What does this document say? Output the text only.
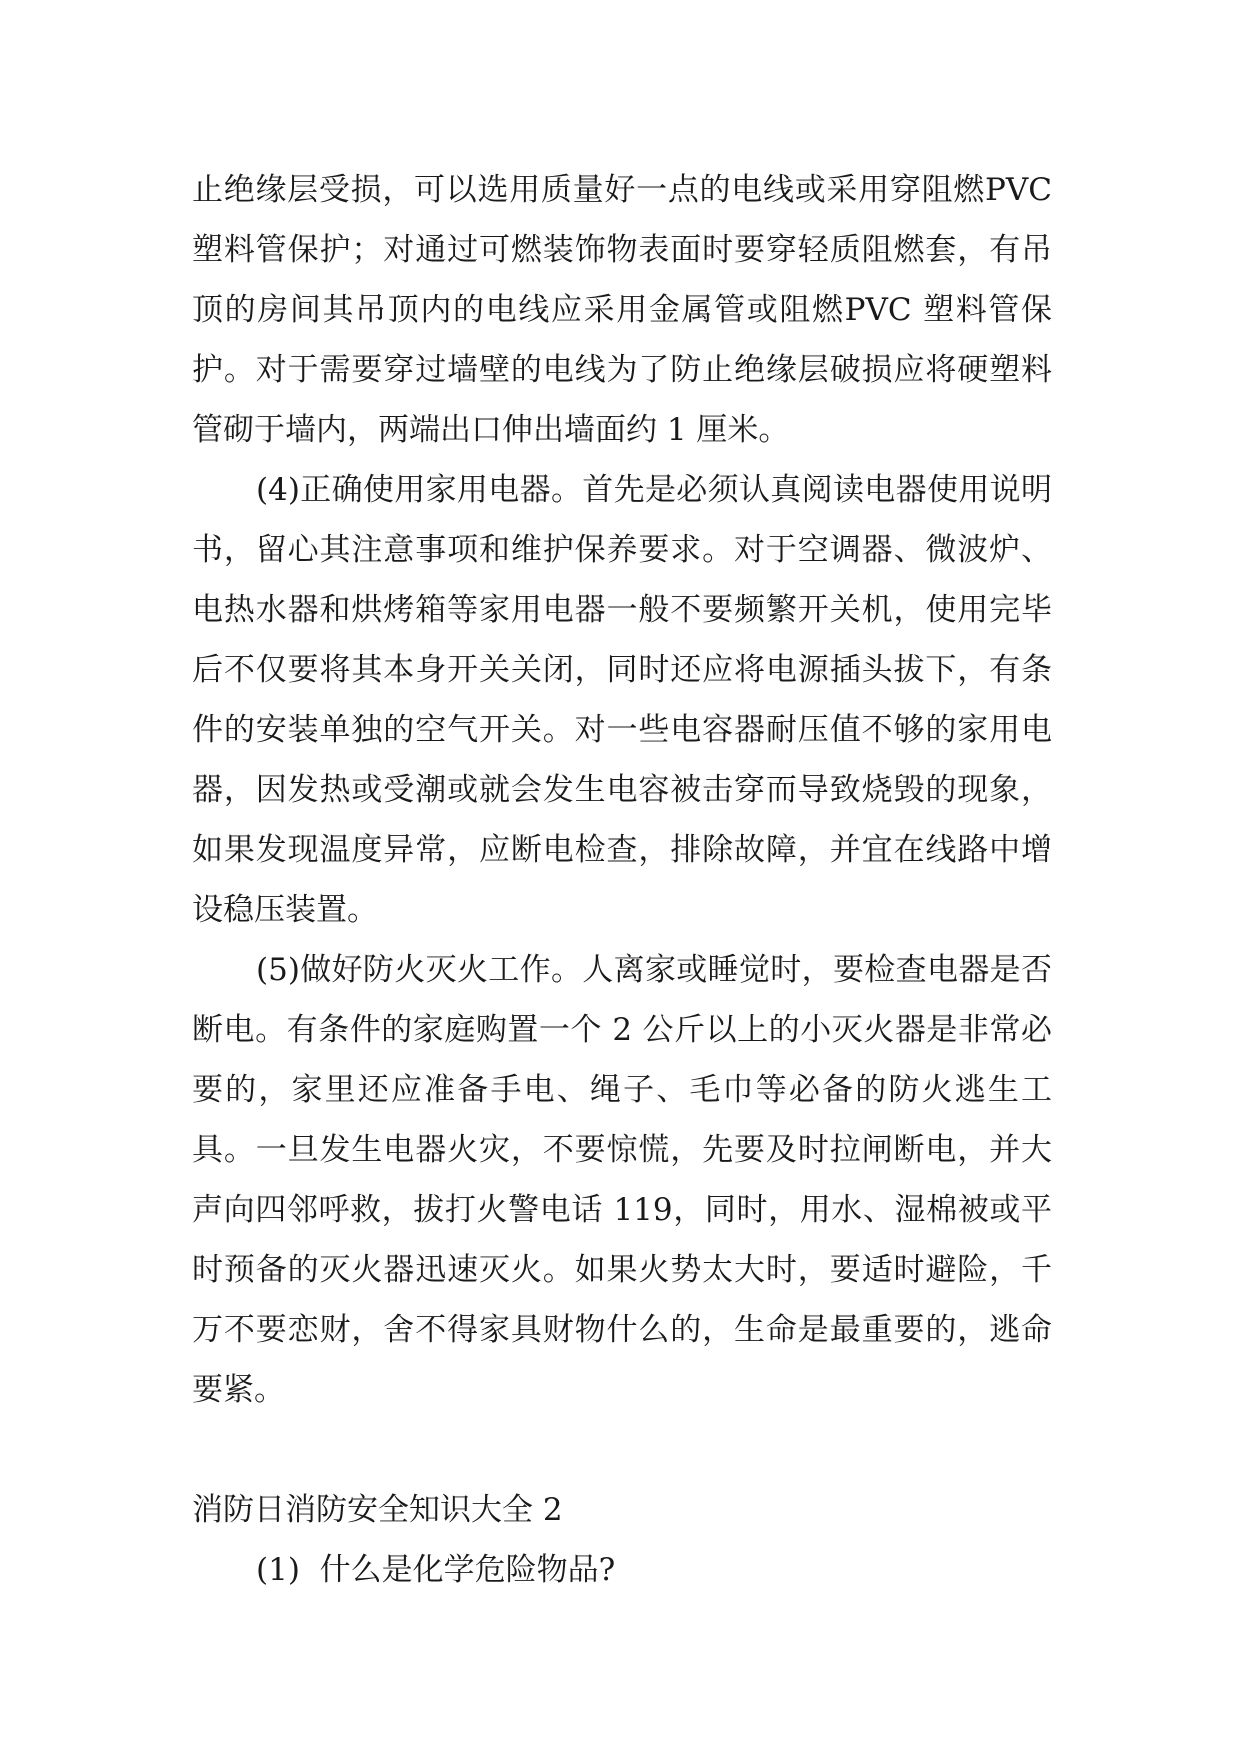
止绝缘层受损，可以选用质量好一点的电线或采用穿阻燃PVC 塑料管保护；对通过可燃装饰物表面时要穿轻质阻燃套，有吊顶的房间其吊顶内的电线应采用金属管或阻燃PVC 塑料管保护。对于需要穿过墙壁的电线为了防止绝缘层破损应将硬塑料管砌于墙内，两端出口伸出墙面约 1 厘米。

(4)正确使用家用电器。首先是必须认真阅读电器使用说明书，留心其注意事项和维护保养要求。对于空调器、微波炉、电热水器和烘烤箱等家用电器一般不要频繁开关机，使用完毕后不仅要将其本身开关关闭，同时还应将电源插头拔下，有条件的安装单独的空气开关。对一些电容器耐压值不够的家用电器，因发热或受潮或就会发生电容被击穿而导致烧毁的现象，如果发现温度异常，应断电检查，排除故障，并宜在线路中增设稳压装置。

(5)做好防火灭火工作。人离家或睡觉时，要检查电器是否断电。有条件的家庭购置一个 2 公斤以上的小灭火器是非常必要的，家里还应准备手电、绳子、毛巾等必备的防火逃生工具。一旦发生电器火灾，不要惊慌，先要及时拉闸断电，并大声向四邻呼救，拔打火警电话 119，同时，用水、湿棉被或平时预备的灭火器迅速灭火。如果火势太大时，要适时避险，千万不要恋财，舍不得家具财物什么的，生命是最重要的，逃命要紧。

消防日消防安全知识大全 2

(1)  什么是化学危险物品?
